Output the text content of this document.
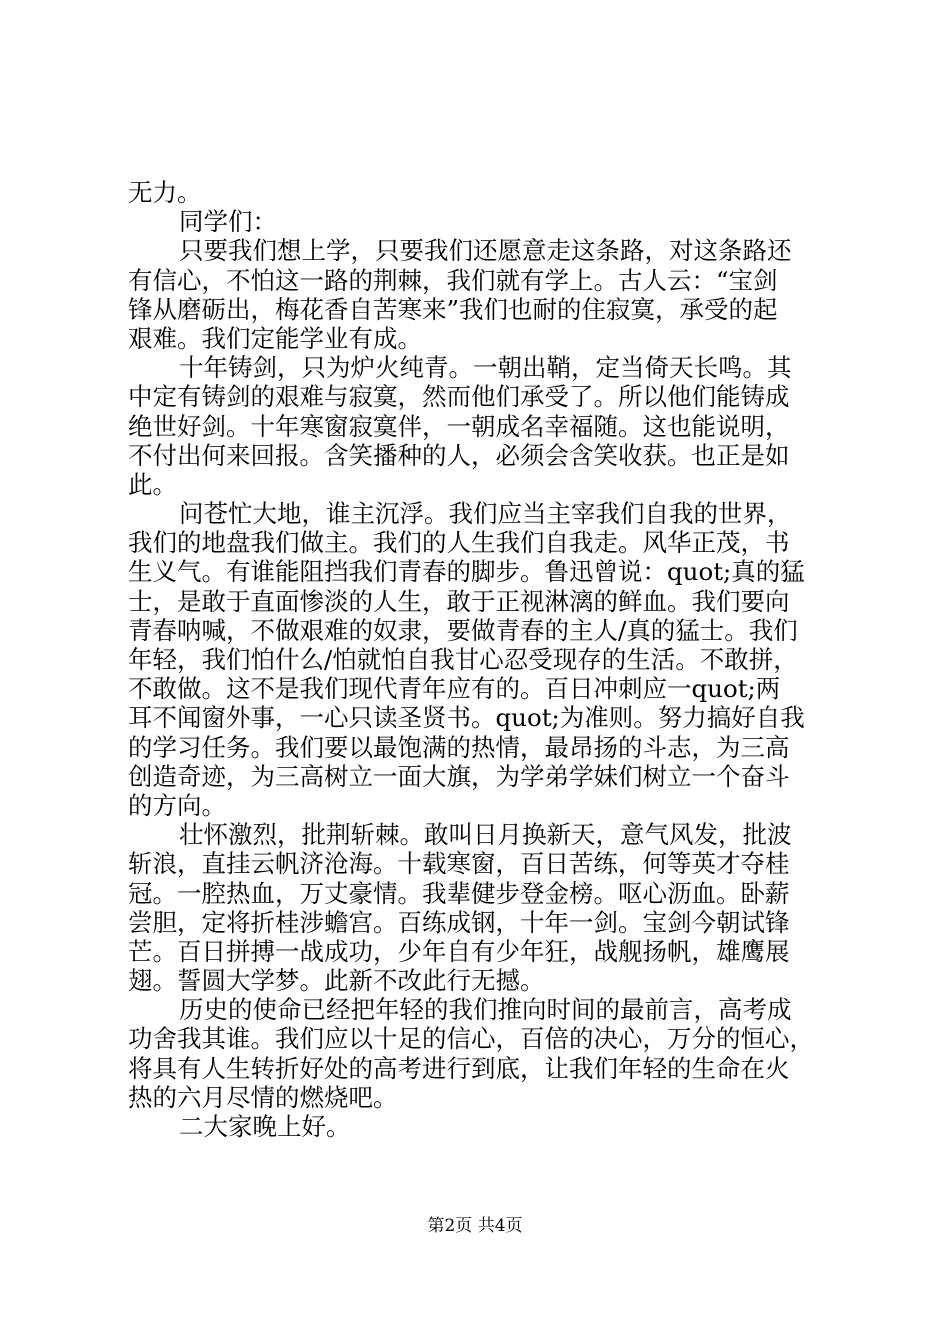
无力。
同学们：
只要我们想上学，只要我们还愿意走这条路，对这条路还
有信心，不怕这一路的荆棘，我们就有学上。古人云：“宝剑
锋从磨砺出，梅花香自苦寒来”我们也耐的住寂寞，承受的起
艰难。我们定能学业有成。
十年铸剑，只为炉火纯青。一朝出鞘，定当倚天长鸣。其
中定有铸剑的艰难与寂寞，然而他们承受了。所以他们能铸成
绝世好剑。十年寒窗寂寞伴，一朝成名幸福随。这也能说明，
不付出何来回报。含笑播种的人，必须会含笑收获。也正是如
此。
问苍忙大地，谁主沉浮。我们应当主宰我们自我的世界，
我们的地盘我们做主。我们的人生我们自我走。风华正茂，书
生义气。有谁能阻挡我们青春的脚步。鲁迅曾说：quot;真的猛
士，是敢于直面惨淡的人生，敢于正视淋漓的鲜血。我们要向
青春呐喊，不做艰难的奴隶，要做青春的主人/真的猛士。我们
年轻，我们怕什么/怕就怕自我甘心忍受现存的生活。不敢拼，
不敢做。这不是我们现代青年应有的。百日冲刺应一quot;两
耳不闻窗外事，一心只读圣贤书。quot;为准则。努力搞好自我
的学习任务。我们要以最饱满的热情，最昂扬的斗志，为三高
创造奇迹，为三高树立一面大旗，为学弟学妹们树立一个奋斗
的方向。
壮怀激烈，批荆斩棘。敢叫日月换新天，意气风发，批波
斩浪，直挂云帆济沧海。十载寒窗，百日苦练，何等英才夺桂
冠。一腔热血，万丈豪情。我辈健步登金榜。呕心沥血。卧薪
尝胆，定将折桂涉蟾宫。百练成钢，十年一剑。宝剑今朝试锋
芒。百日拼搏一战成功，少年自有少年狂，战舰扬帆，雄鹰展
翅。誓圆大学梦。此新不改此行无撼。
历史的使命已经把年轻的我们推向时间的最前言，高考成
功舍我其谁。我们应以十足的信心，百倍的决心，万分的恒心，
将具有人生转折好处的高考进行到底，让我们年轻的生命在火
热的六月尽情的燃烧吧。
二大家晚上好。
第2页 共4页
